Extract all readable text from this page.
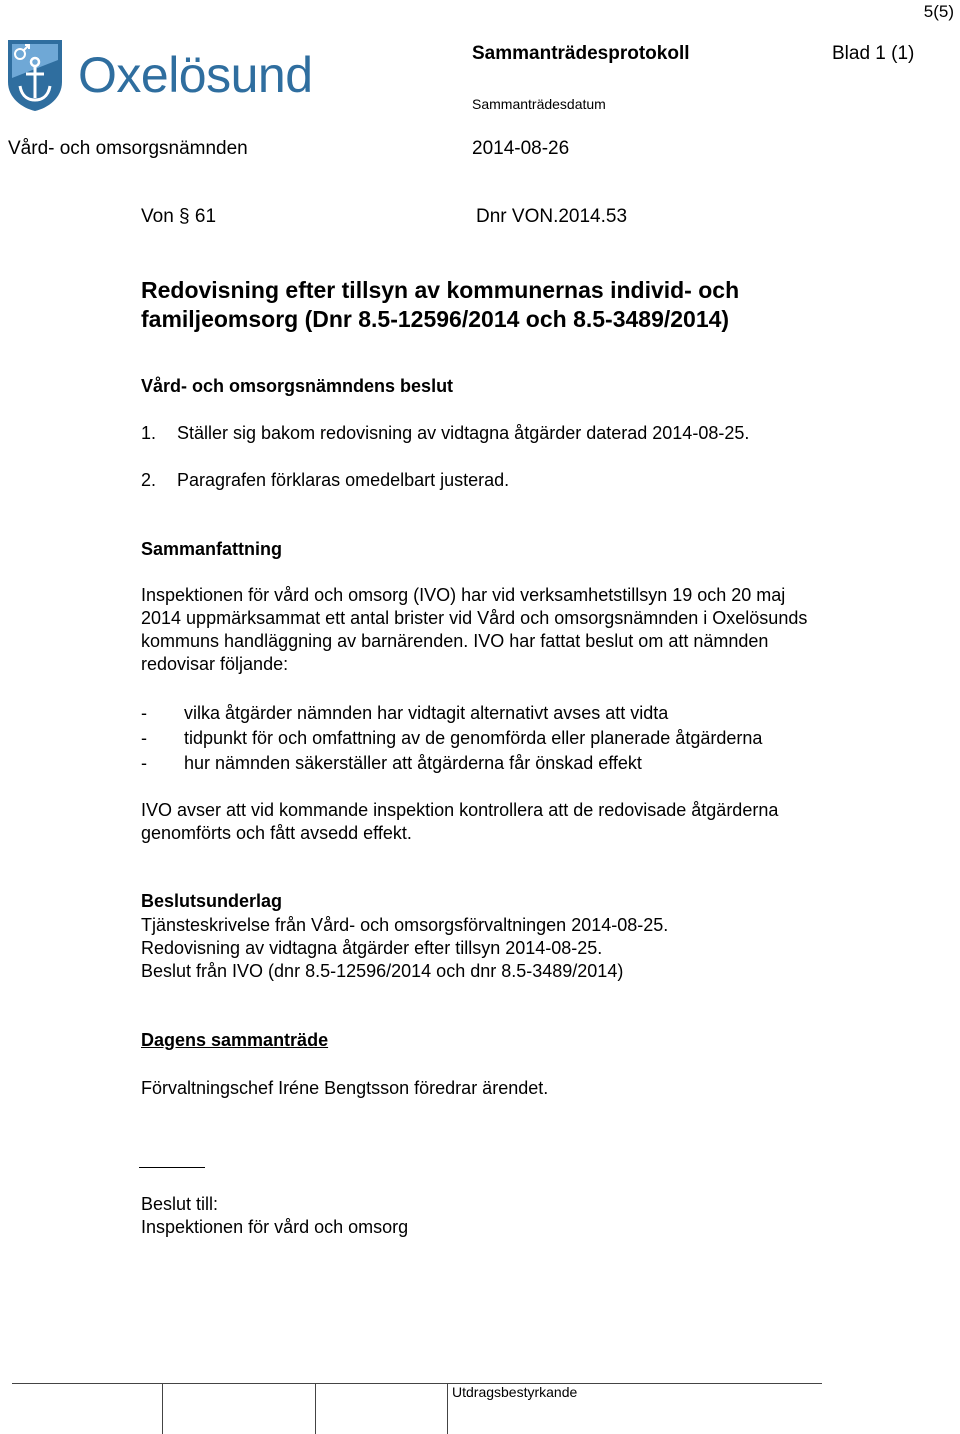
5(5)
Oxelösund	Sammanträdesprotokoll	Blad 1 (1)
Sammanträdesdatum
Vård- och omsorgsnämnden	2014-08-26
Von § 61	Dnr VON.2014.53
Redovisning efter tillsyn av kommunernas individ- och
familjeomsorg (Dnr 8.5-12596/2014 och 8.5-3489/2014)
Vård- och omsorgsnämndens beslut
1.	Ställer sig bakom redovisning av vidtagna åtgärder daterad 2014-08-25.
2.	Paragrafen förklaras omedelbart justerad.
Sammanfattning
Inspektionen för vård och omsorg (IVO) har vid verksamhetstillsyn 19 och 20 maj
2014 uppmärksammat ett antal brister vid Vård och omsorgsnämnden i Oxelösunds
kommuns handläggning av barnärenden. IVO har fattat beslut om att nämnden
redovisar följande:
-	vilka åtgärder nämnden har vidtagit alternativt avses att vidta
-	tidpunkt för och omfattning av de genomförda eller planerade åtgärderna
-	hur nämnden säkerställer att åtgärderna får önskad effekt
IVO avser att vid kommande inspektion kontrollera att de redovisade åtgärderna
genomförts och fått avsedd effekt.
Beslutsunderlag
Tjänsteskrivelse från Vård- och omsorgsförvaltningen 2014-08-25.
Redovisning av vidtagna åtgärder efter tillsyn 2014-08-25.
Beslut från IVO (dnr 8.5-12596/2014 och dnr 8.5-3489/2014)
Dagens sammanträde
Förvaltningschef Iréne Bengtsson föredrar ärendet.
Beslut till:
Inspektionen för vård och omsorg
Utdragsbestyrkande
